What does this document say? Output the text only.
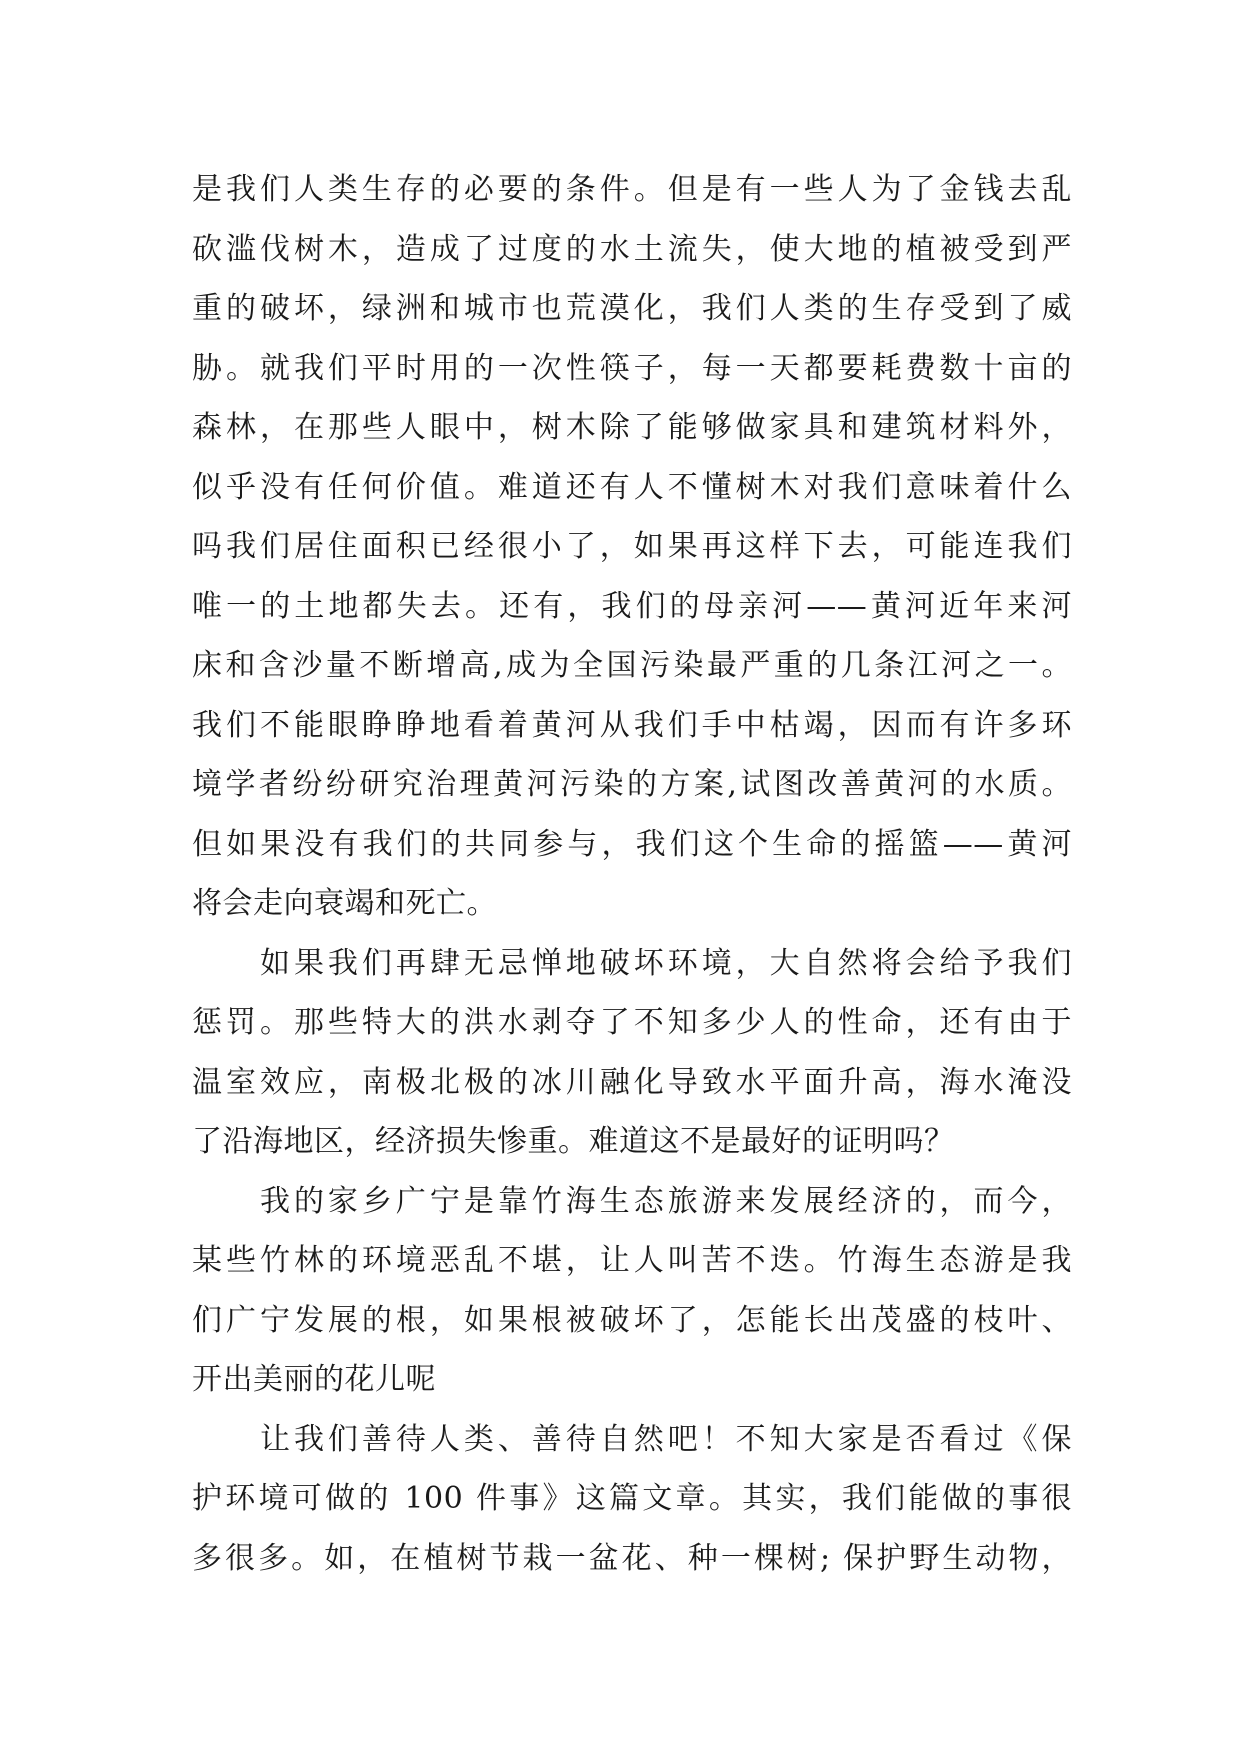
是我们人类生存的必要的条件。但是有一些人为了金钱去乱
砍滥伐树木，造成了过度的水土流失，使大地的植被受到严
重的破坏，绿洲和城市也荒漠化，我们人类的生存受到了威
胁。就我们平时用的一次性筷子，每一天都要耗费数十亩的
森林，在那些人眼中，树木除了能够做家具和建筑材料外，
似乎没有任何价值。难道还有人不懂树木对我们意味着什么
吗我们居住面积已经很小了，如果再这样下去，可能连我们
唯一的土地都失去。还有，我们的母亲河——黄河近年来河
床和含沙量不断增高,成为全国污染最严重的几条江河之一。
我们不能眼睁睁地看着黄河从我们手中枯竭，因而有许多环
境学者纷纷研究治理黄河污染的方案,试图改善黄河的水质。
但如果没有我们的共同参与，我们这个生命的摇篮——黄河
将会走向衰竭和死亡。
　　如果我们再肆无忌惮地破坏环境，大自然将会给予我们
惩罚。那些特大的洪水剥夺了不知多少人的性命，还有由于
温室效应，南极北极的冰川融化导致水平面升高，海水淹没
了沿海地区，经济损失惨重。难道这不是最好的证明吗？
　　我的家乡广宁是靠竹海生态旅游来发展经济的，而今，
某些竹林的环境恶乱不堪，让人叫苦不迭。竹海生态游是我
们广宁发展的根，如果根被破坏了，怎能长出茂盛的枝叶、
开出美丽的花儿呢
　　让我们善待人类、善待自然吧！不知大家是否看过《保
护环境可做的 100 件事》这篇文章。其实，我们能做的事很
多很多。如，在植树节栽一盆花、种一棵树; 保护野生动物，
